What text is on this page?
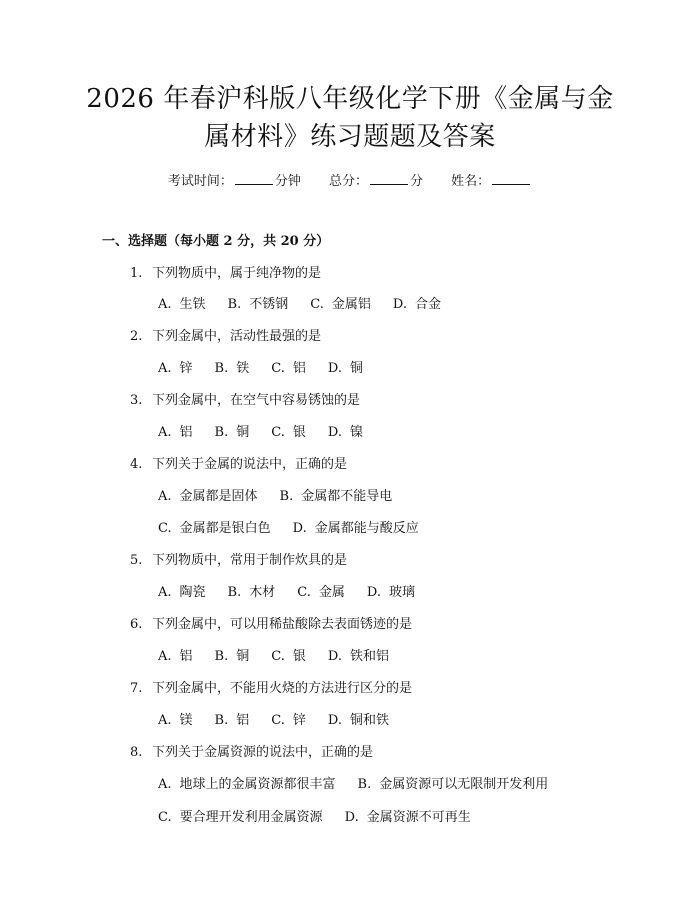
2026 年春沪科版八年级化学下册《金属与金
属材料》练习题题及答案
考试时间：	分钟 总分：	分 姓名：
一、选择题（每小题 2 分，共 20 分）
1. 下列物质中，属于纯净物的是
A. 生铁 B. 不锈钢 C. 金属铝 D. 合金
2. 下列金属中，活动性最强的是
A. 锌 B. 铁 C. 铝 D. 铜
3. 下列金属中，在空气中容易锈蚀的是
A. 铝 B. 铜 C. 银 D. 镍
4. 下列关于金属的说法中，正确的是
A. 金属都是固体 B. 金属都不能导电
C. 金属都是银白色 D. 金属都能与酸反应
5. 下列物质中，常用于制作炊具的是
A. 陶瓷 B. 木材 C. 金属 D. 玻璃
6. 下列金属中，可以用稀盐酸除去表面锈迹的是
A. 铝 B. 铜 C. 银 D. 铁和铝
7. 下列金属中，不能用火烧的方法进行区分的是
A. 镁 B. 铝 C. 锌 D. 铜和铁
8. 下列关于金属资源的说法中，正确的是
A. 地球上的金属资源都很丰富 B. 金属资源可以无限制开发利用
C. 要合理开发利用金属资源 D. 金属资源不可再生
